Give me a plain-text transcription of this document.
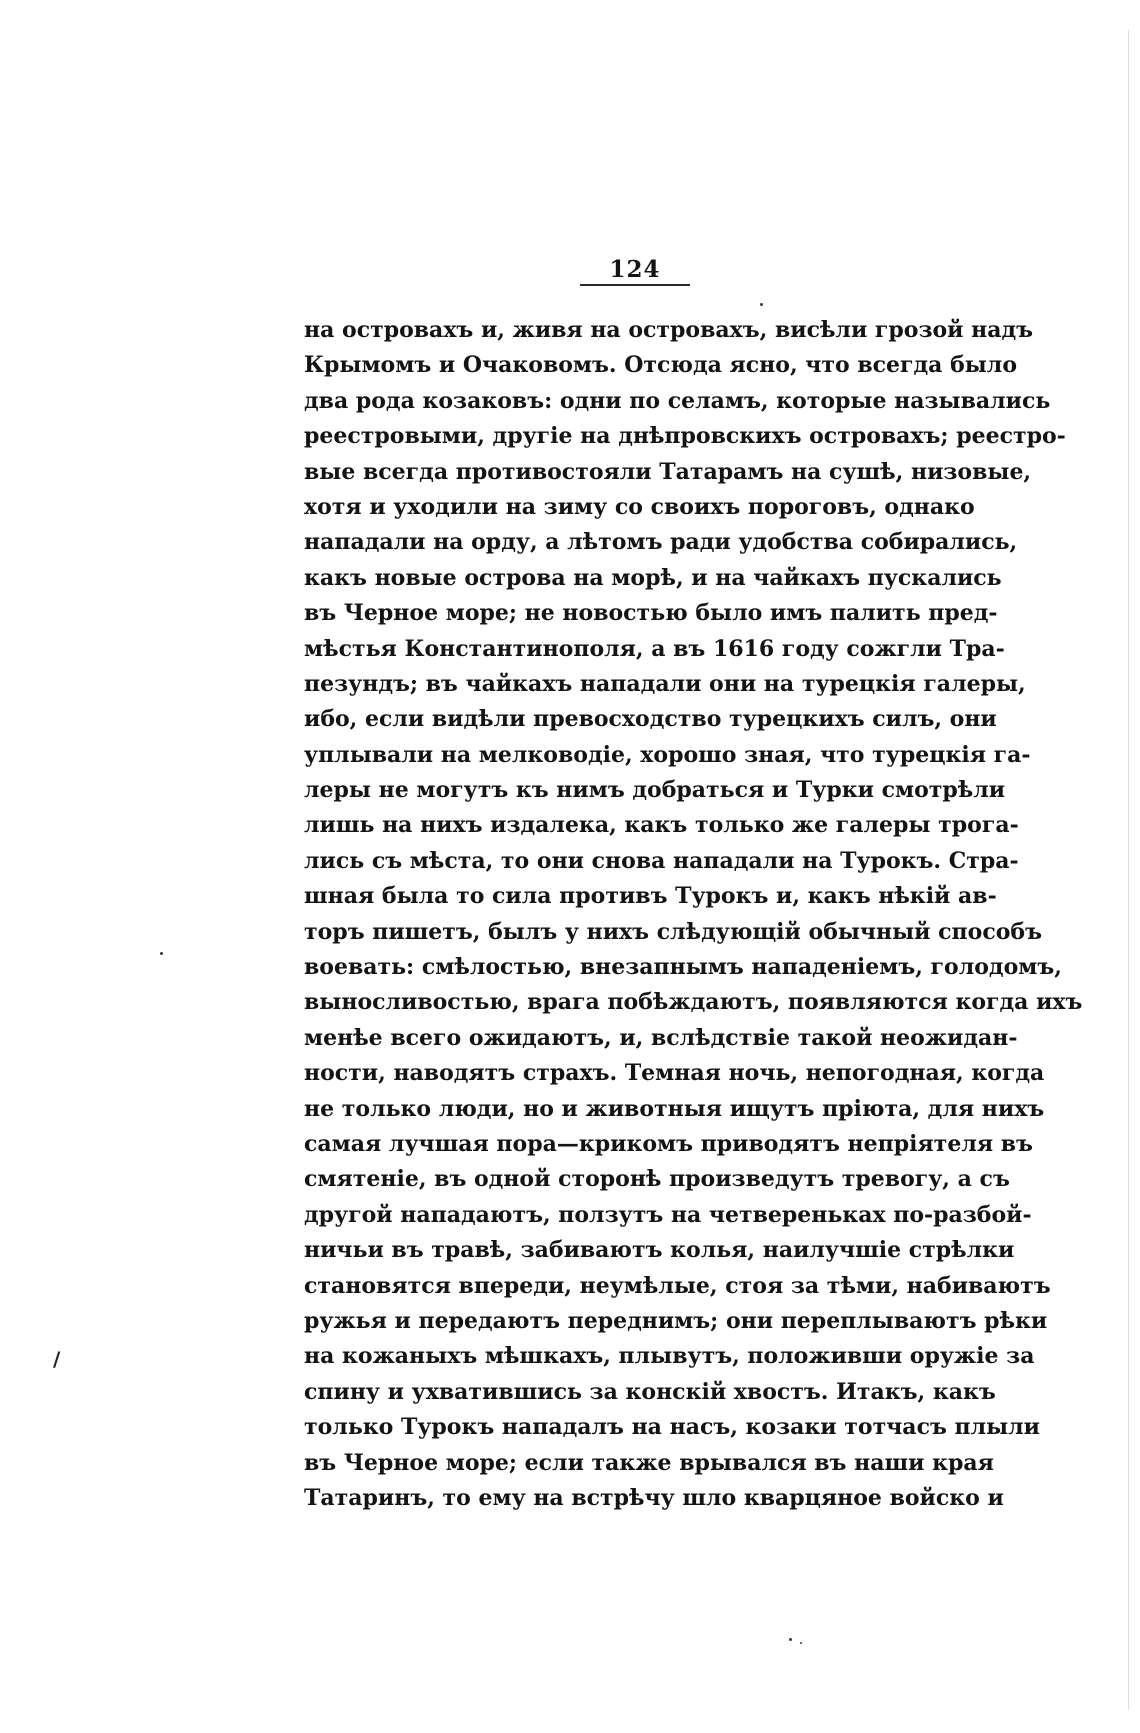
124
на островахъ и, живя на островахъ, висѣли грозой надъ
Крымомъ и Очаковомъ. Отсюда ясно, что всегда было
два рода козаковъ: одни по селамъ, которые назывались
реестровыми, другіе на днѣпровскихъ островахъ; реестро-
вые всегда противостояли Татарамъ на сушѣ, низовые,
хотя и уходили на зиму со своихъ пороговъ, однако
нападали на орду, а лѣтомъ ради удобства собирались,
какъ новые острова на морѣ, и на чайкахъ пускались
въ Черное море; не новостью было имъ палить пред-
мѣстья Константинополя, а въ 1616 году сожгли Тра-
пезундъ; въ чайкахъ нападали они на турецкія галеры,
ибо, если видѣли превосходство турецкихъ силъ, они
уплывали на мелководіе, хорошо зная, что турецкія га-
леры не могутъ къ нимъ добраться и Турки смотрѣли
лишь на нихъ издалека, какъ только же галеры трога-
лись съ мѣста, то они снова нападали на Турокъ. Стра-
шная была то сила противъ Турокъ и, какъ нѣкій ав-
торъ пишетъ, былъ у нихъ слѣдующій обычный способъ
воевать: смѣлостью, внезапнымъ нападеніемъ, голодомъ,
выносливостью, врага побѣждаютъ, появляются когда ихъ
менѣе всего ожидаютъ, и, вслѣдствіе такой неожидан-
ности, наводятъ страхъ. Темная ночь, непогодная, когда
не только люди, но и животныя ищутъ пріюта, для нихъ
самая лучшая пора—крикомъ приводятъ непріятеля въ
смятеніе, въ одной сторонѣ произведутъ тревогу, а съ
другой нападаютъ, ползутъ на четвереньках по-разбой-
ничьи въ травѣ, забиваютъ колья, наилучшіе стрѣлки
становятся впереди, неумѣлые, стоя за тѣми, набиваютъ
ружья и передаютъ переднимъ; они переплываютъ рѣки
на кожаныхъ мѣшкахъ, плывутъ, положивши оружіе за
спину и ухватившись за конскій хвостъ. Итакъ, какъ
только Турокъ нападалъ на насъ, козаки тотчасъ плыли
въ Черное море; если также врывался въ наши края
Татаринъ, то ему на встрѣчу шло кварцяное войско и
/
